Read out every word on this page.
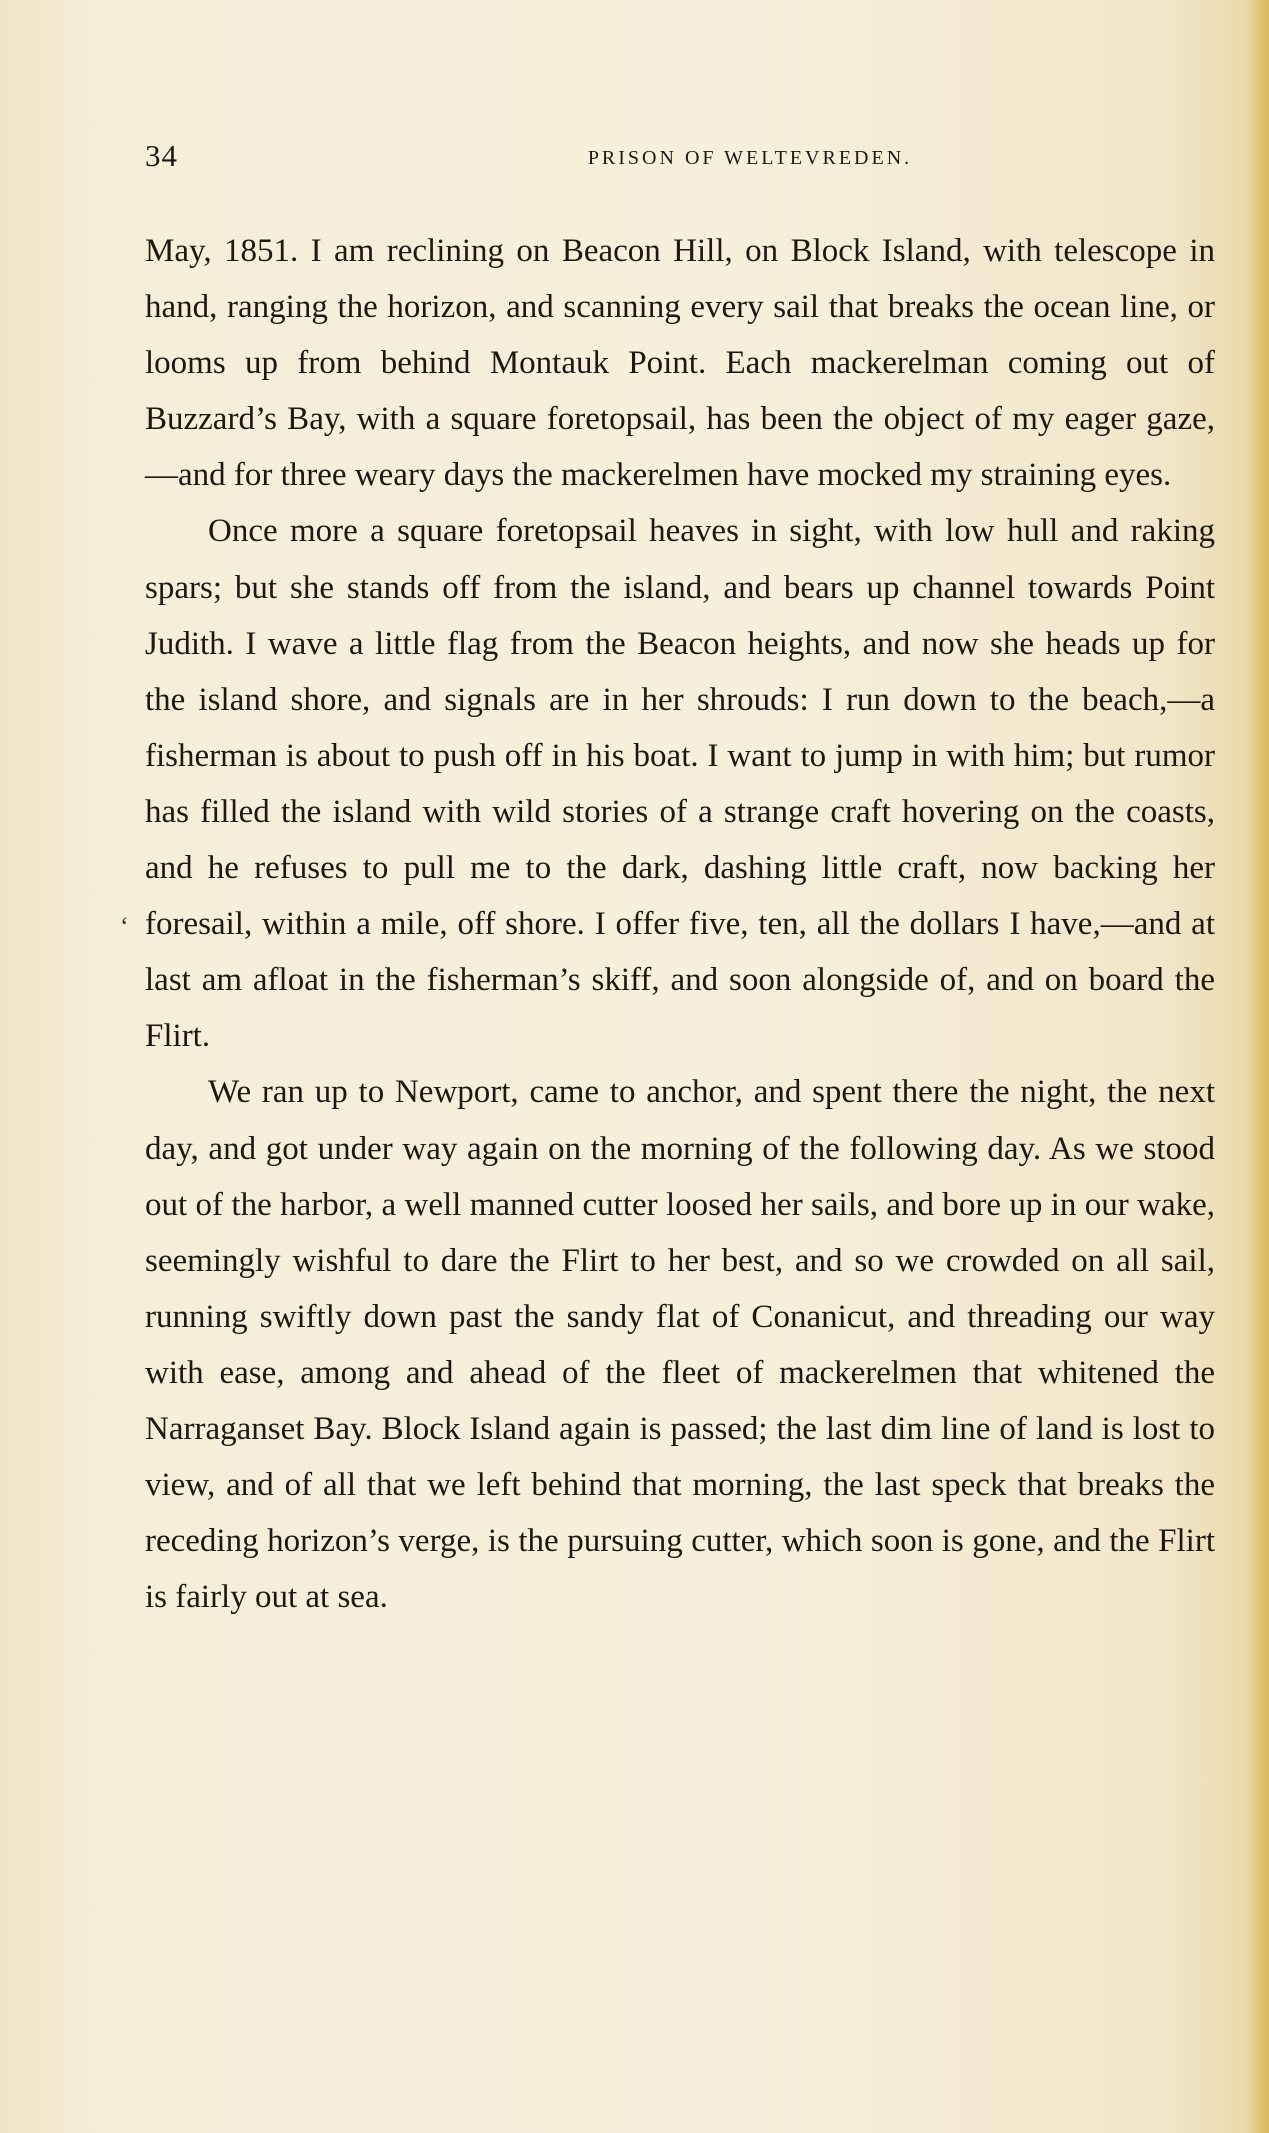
34	PRISON OF WELTEVREDEN.
‘

May, 1851. I am reclining on Beacon Hill, on Block Island, with telescope in hand, ranging the horizon, and scanning every sail that breaks the ocean line, or looms up from behind Montauk Point. Each mackerelman coming out of Buzzard’s Bay, with a square foretopsail, has been the object of my eager gaze, —and for three weary days the mackerelmen have mocked my straining eyes.

Once more a square foretopsail heaves in sight, with low hull and raking spars; but she stands off from the island, and bears up channel towards Point Judith. I wave a little flag from the Beacon heights, and now she heads up for the island shore, and signals are in her shrouds: I run down to the beach,—a fisherman is about to push off in his boat. I want to jump in with him; but rumor has filled the island with wild stories of a strange craft hovering on the coasts, and he refuses to pull me to the dark, dashing little craft, now backing her foresail, within a mile, off shore. I offer five, ten, all the dollars I have,—and at last am afloat in the fisherman’s skiff, and soon alongside of, and on board the Flirt.

We ran up to Newport, came to anchor, and spent there the night, the next day, and got under way again on the morning of the following day. As we stood out of the harbor, a well manned cutter loosed her sails, and bore up in our wake, seemingly wishful to dare the Flirt to her best, and so we crowded on all sail, running swiftly down past the sandy flat of Conanicut, and threading our way with ease, among and ahead of the fleet of mackerelmen that whitened the Narraganset Bay. Block Island again is passed; the last dim line of land is lost to view, and of all that we left behind that morning, the last speck that breaks the receding horizon’s verge, is the pursuing cutter, which soon is gone, and the Flirt is fairly out at sea.
